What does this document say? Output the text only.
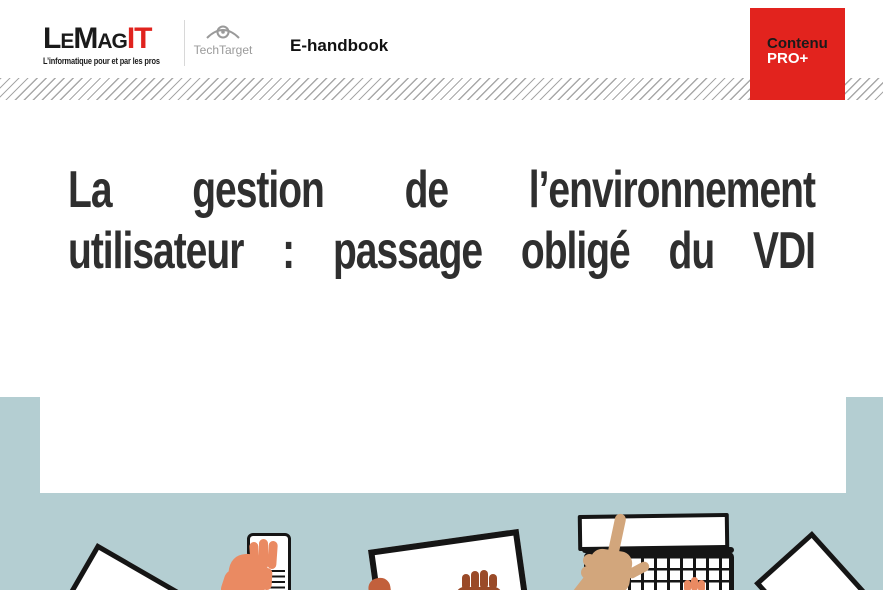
LeMagIT
L’informatique pour et par les pros
TechTarget E-handbook	Contenu
PRO+
La gestion de l’environnement
utilisateur : passage obligé du VDI
